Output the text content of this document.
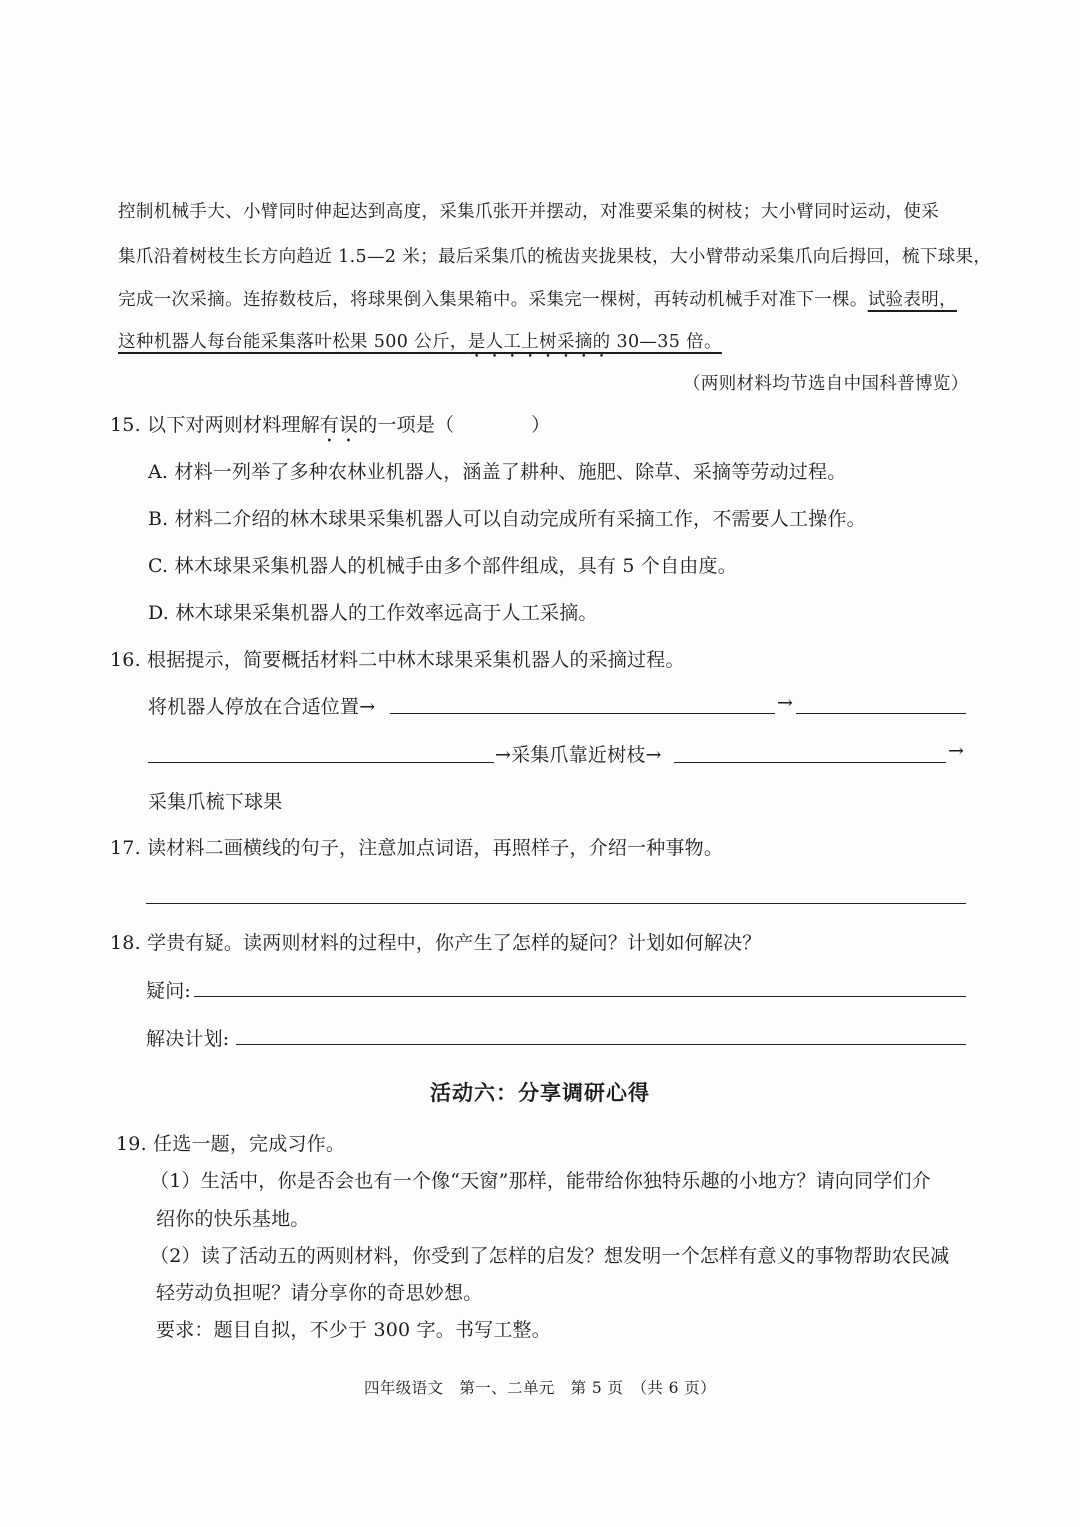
控制机械手大、小臂同时伸起达到高度，采集爪张开并摆动，对准要采集的树枝；大小臂同时运动，使采
集爪沿着树枝生长方向趋近 1.5—2 米；最后采集爪的梳齿夹拢果枝，大小臂带动采集爪向后拇回，梳下球果，
完成一次采摘。连拵数枝后，将球果倒入集果箱中。采集完一棵树，再转动机械手对准下一棵。试验表明，
这种机器人每台能采集落叶松果 500 公斤，是人工上树采摘的 30—35 倍。
（两则材料均节选自中国科普博览）
15. 以下对两则材料理解有误的一项是（　　　　）
A. 材料一列举了多种农林业机器人，涵盖了耕种、施肥、除草、采摘等劳动过程。
B. 材料二介绍的林木球果采集机器人可以自动完成所有采摘工作，不需要人工操作。
C. 林木球果采集机器人的机械手由多个部件组成，具有 5 个自由度。
D. 林木球果采集机器人的工作效率远高于人工采摘。
16. 根据提示，简要概括材料二中林木球果采集机器人的采摘过程。
将机器人停放在合适位置→	→
→采集爪靠近树枝→	→
采集爪梳下球果
17. 读材料二画横线的句子，注意加点词语，再照样子，介绍一种事物。
18. 学贵有疑。读两则材料的过程中，你产生了怎样的疑问？计划如何解决？
疑问:
解决计划:
活动六：分享调研心得
19. 任选一题，完成习作。
（1）生活中，你是否会也有一个像“天窗”那样，能带给你独特乐趣的小地方？请向同学们介
绍你的快乐基地。
（2）读了活动五的两则材料，你受到了怎样的启发？想发明一个怎样有意义的事物帮助农民减
轻劳动负担呢？请分享你的奇思妙想。
要求：题目自拟，不少于 300 字。书写工整。
四年级语文　第一、二单元　第 5 页　（共 6 页）
